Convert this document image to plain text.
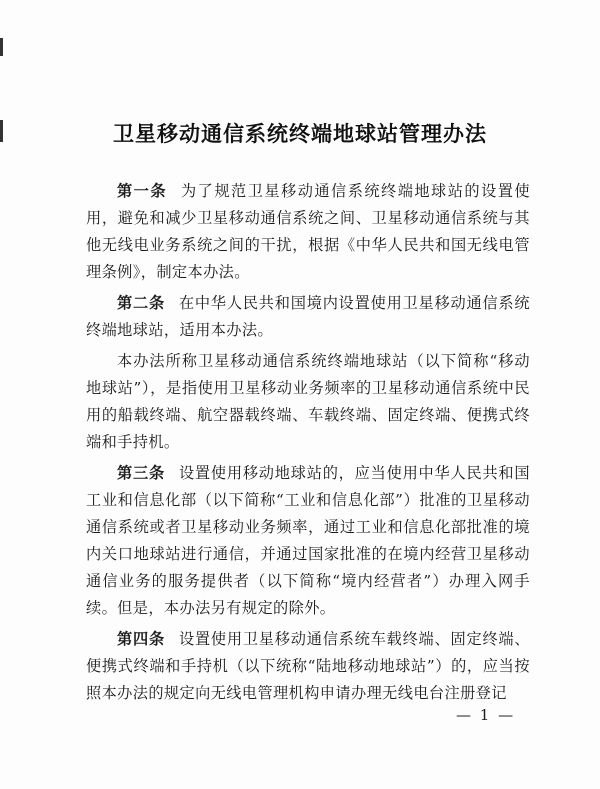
卫星移动通信系统终端地球站管理办法

第一条 为了规范卫星移动通信系统终端地球站的设置使用，避免和减少卫星移动通信系统之间、卫星移动通信系统与其他无线电业务系统之间的干扰，根据《中华人民共和国无线电管理条例》，制定本办法。

第二条 在中华人民共和国境内设置使用卫星移动通信系统终端地球站，适用本办法。

本办法所称卫星移动通信系统终端地球站（以下简称“移动地球站”），是指使用卫星移动业务频率的卫星移动通信系统中民用的船载终端、航空器载终端、车载终端、固定终端、便携式终端和手持机。

第三条 设置使用移动地球站的，应当使用中华人民共和国工业和信息化部（以下简称“工业和信息化部”）批准的卫星移动通信系统或者卫星移动业务频率，通过工业和信息化部批准的境内关口地球站进行通信，并通过国家批准的在境内经营卫星移动通信业务的服务提供者（以下简称“境内经营者”）办理入网手续。但是，本办法另有规定的除外。

第四条 设置使用卫星移动通信系统车载终端、固定终端、便携式终端和手持机（以下统称“陆地移动地球站”）的，应当按照本办法的规定向无线电管理机构申请办理无线电台注册登记

— 1 —
